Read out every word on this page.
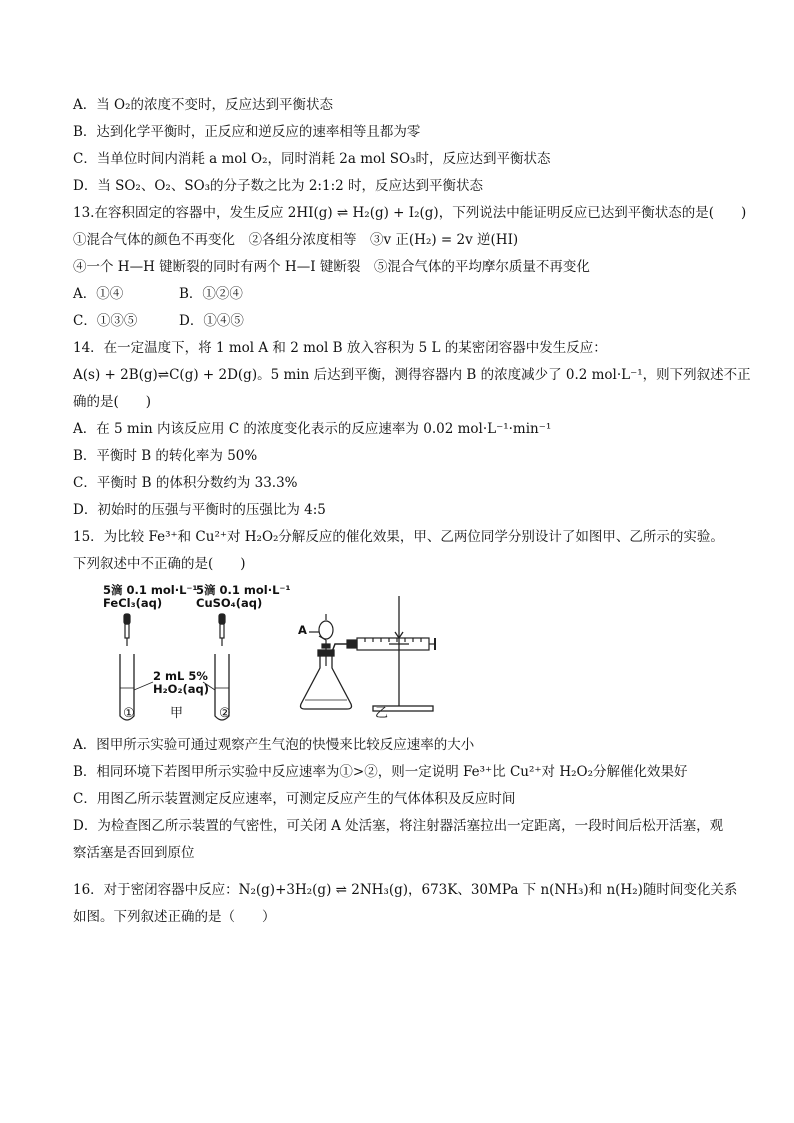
A．当 O₂的浓度不变时，反应达到平衡状态
B．达到化学平衡时，正反应和逆反应的速率相等且都为零
C．当单位时间内消耗 a mol O₂，同时消耗 2a mol SO₃时，反应达到平衡状态
D．当 SO₂、O₂、SO₃的分子数之比为 2:1:2 时，反应达到平衡状态
13.在容积固定的容器中，发生反应 2HI(g) ⇌ H₂(g) + I₂(g)，下列说法中能证明反应已达到平衡状态的是(　　)
①混合气体的颜色不再变化　②各组分浓度相等　③v 正(H₂) = 2v 逆(HI)
④一个 H—H 键断裂的同时有两个 H—I 键断裂　⑤混合气体的平均摩尔质量不再变化
A．①④	B．①②④
C．①③⑤	D．①④⑤
14．在一定温度下，将 1 mol A 和 2 mol B 放入容积为 5 L 的某密闭容器中发生反应：
A(s) + 2B(g)⇌C(g) + 2D(g)。5 min 后达到平衡，测得容器内 B 的浓度减少了 0.2 mol·L⁻¹，则下列叙述不正
确的是(　　)
A．在 5 min 内该反应用 C 的浓度变化表示的反应速率为 0.02 mol·L⁻¹·min⁻¹
B．平衡时 B 的转化率为 50%
C．平衡时 B 的体积分数约为 33.3%
D．初始时的压强与平衡时的压强比为 4:5
15．为比较 Fe³⁺和 Cu²⁺对 H₂O₂分解反应的催化效果，甲、乙两位同学分别设计了如图甲、乙所示的实验。
下列叙述中不正确的是(　　)
5滴 0.1 mol·L⁻¹
FeCl₃(aq)
5滴 0.1 mol·L⁻¹
CuSO₄(aq)
2 mL 5%
H₂O₂(aq)
①	②
甲
A
乙
A．图甲所示实验可通过观察产生气泡的快慢来比较反应速率的大小
B．相同环境下若图甲所示实验中反应速率为①>②，则一定说明 Fe³⁺比 Cu²⁺对 H₂O₂分解催化效果好
C．用图乙所示装置测定反应速率，可测定反应产生的气体体积及反应时间
D．为检查图乙所示装置的气密性，可关闭 A 处活塞，将注射器活塞拉出一定距离，一段时间后松开活塞，观察活塞是否回到原位
16．对于密闭容器中反应：N₂(g)+3H₂(g) ⇌ 2NH₃(g)，673K、30MPa 下 n(NH₃)和 n(H₂)随时间变化关系
如图。下列叙述正确的是（　　）
